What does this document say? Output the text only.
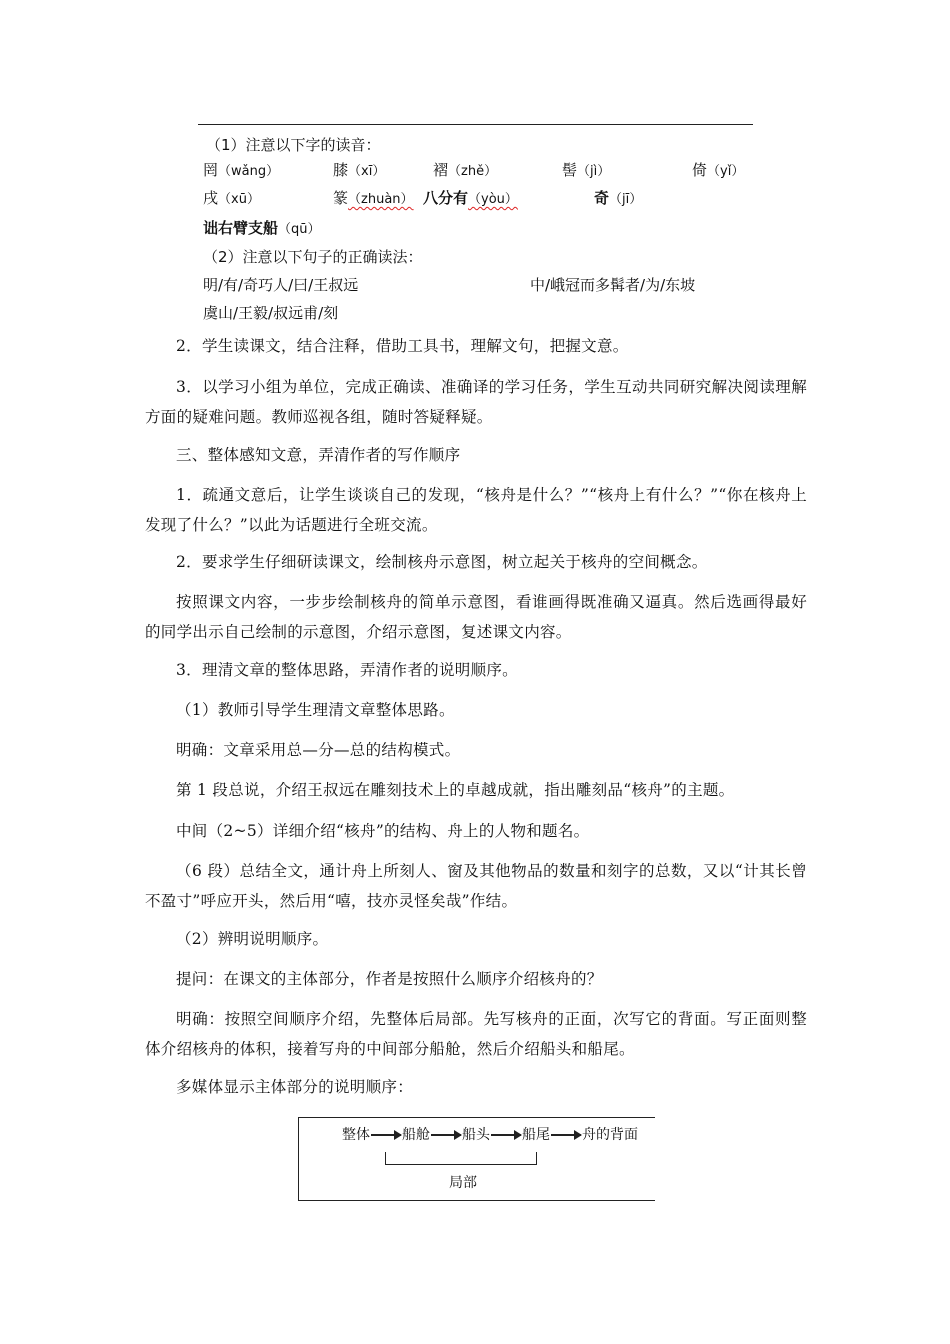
（1）注意以下字的读音：
罔（wǎng）	膝（xī）	褶（zhě）	髻（jì）	倚（yǐ）
戌（xū）	篆（zhuàn） 八分有（yòu）	奇（jī）
诎右臂支船（qū）
（2）注意以下句子的正确读法：
明/有/奇巧人/曰/王叔远	中/峨冠而多髯者/为/东坡
虞山/王毅/叔远甫/刻
2．学生读课文，结合注释，借助工具书，理解文句，把握文意。
3．以学习小组为单位，完成正确读、准确译的学习任务，学生互动共同研究解决阅读理解方面的疑难问题。教师巡视各组，随时答疑释疑。
三、整体感知文意，弄清作者的写作顺序
1．疏通文意后，让学生谈谈自己的发现，“核舟是什么？”“核舟上有什么？”“你在核舟上发现了什么？”以此为话题进行全班交流。
2．要求学生仔细研读课文，绘制核舟示意图，树立起关于核舟的空间概念。
按照课文内容，一步步绘制核舟的简单示意图，看谁画得既准确又逼真。然后选画得最好的同学出示自己绘制的示意图，介绍示意图，复述课文内容。
3．理清文章的整体思路，弄清作者的说明顺序。
（1）教师引导学生理清文章整体思路。
明确：文章采用总—分—总的结构模式。
第 1 段总说，介绍王叔远在雕刻技术上的卓越成就，指出雕刻品“核舟”的主题。
中间（2~5）详细介绍“核舟”的结构、舟上的人物和题名。
（6 段）总结全文，通计舟上所刻人、窗及其他物品的数量和刻字的总数，又以“计其长曾不盈寸”呼应开头，然后用“嘻，技亦灵怪矣哉”作结。
（2）辨明说明顺序。
提问：在课文的主体部分，作者是按照什么顺序介绍核舟的？
明确：按照空间顺序介绍，先整体后局部。先写核舟的正面，次写它的背面。写正面则整体介绍核舟的体积，接着写舟的中间部分船舱，然后介绍船头和船尾。
多媒体显示主体部分的说明顺序：
整体 船舱 船头 船尾 舟的背面
局部
